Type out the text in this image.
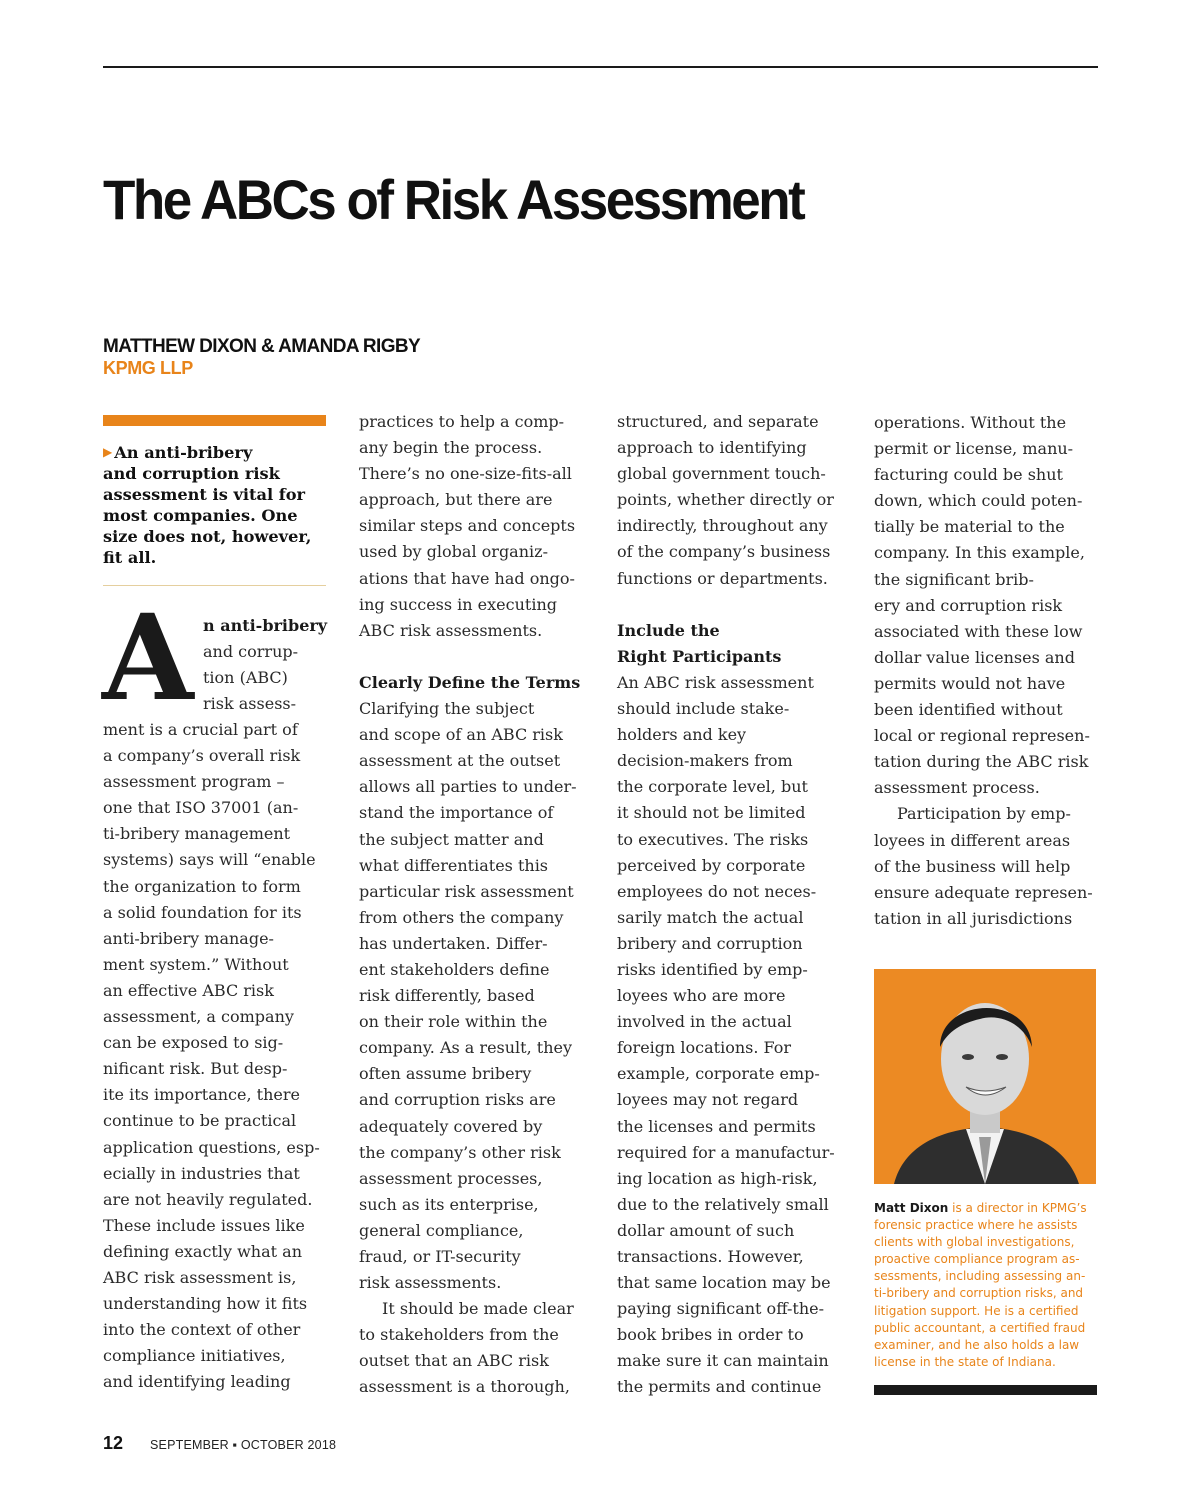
The ABCs of Risk Assessment
MATTHEW DIXON & AMANDA RIGBY
KPMG LLP
▶ An anti-bribery
and corruption risk
assessment is vital for
most companies. One
size does not, however,
fit all.
A n anti-bribery
and corrup-
tion (ABC)
risk assess-
ment is a crucial part of
a company’s overall risk
assessment program –
one that ISO 37001 (an-
ti-bribery management
systems) says will “enable
the organization to form
a solid foundation for its
anti-bribery manage-
ment system.” Without
an effective ABC risk
assessment, a company
can be exposed to sig-
nificant risk. But desp-
ite its importance, there
continue to be practical
application questions, esp-
ecially in industries that
are not heavily regulated.
These include issues like
defining exactly what an
ABC risk assessment is,
understanding how it fits
into the context of other
compliance initiatives,
and identifying leading
practices to help a comp-
any begin the process.
There’s no one-size-fits-all
approach, but there are
similar steps and concepts
used by global organiz-
ations that have had ongo-
ing success in executing
ABC risk assessments.
Clearly Define the Terms
Clarifying the subject
and scope of an ABC risk
assessment at the outset
allows all parties to under-
stand the importance of
the subject matter and
what differentiates this
particular risk assessment
from others the company
has undertaken. Differ-
ent stakeholders define
risk differently, based
on their role within the
company. As a result, they
often assume bribery
and corruption risks are
adequately covered by
the company’s other risk
assessment processes,
such as its enterprise,
general compliance,
fraud, or IT-security
risk assessments.
It should be made clear
to stakeholders from the
outset that an ABC risk
assessment is a thorough,
structured, and separate
approach to identifying
global government touch-
points, whether directly or
indirectly, throughout any
of the company’s business
functions or departments.
Include the
Right Participants
An ABC risk assessment
should include stake-
holders and key
decision-makers from
the corporate level, but
it should not be limited
to executives. The risks
perceived by corporate
employees do not neces-
sarily match the actual
bribery and corruption
risks identified by emp-
loyees who are more
involved in the actual
foreign locations. For
example, corporate emp-
loyees may not regard
the licenses and permits
required for a manufactur-
ing location as high-risk,
due to the relatively small
dollar amount of such
transactions. However,
that same location may be
paying significant off-the-
book bribes in order to
make sure it can maintain
the permits and continue
operations. Without the
permit or license, manu-
facturing could be shut
down, which could poten-
tially be material to the
company. In this example,
the significant brib-
ery and corruption risk
associated with these low
dollar value licenses and
permits would not have
been identified without
local or regional represen-
tation during the ABC risk
assessment process.
Participation by emp-
loyees in different areas
of the business will help
ensure adequate represen-
tation in all jurisdictions
Matt Dixon is a director in KPMG’s
forensic practice where he assists
clients with global investigations,
proactive compliance program as-
sessments, including assessing an-
ti-bribery and corruption risks, and
litigation support. He is a certified
public accountant, a certified fraud
examiner, and he also holds a law
license in the state of Indiana.
12 SEPTEMBER ▪ OCTOBER 2018
